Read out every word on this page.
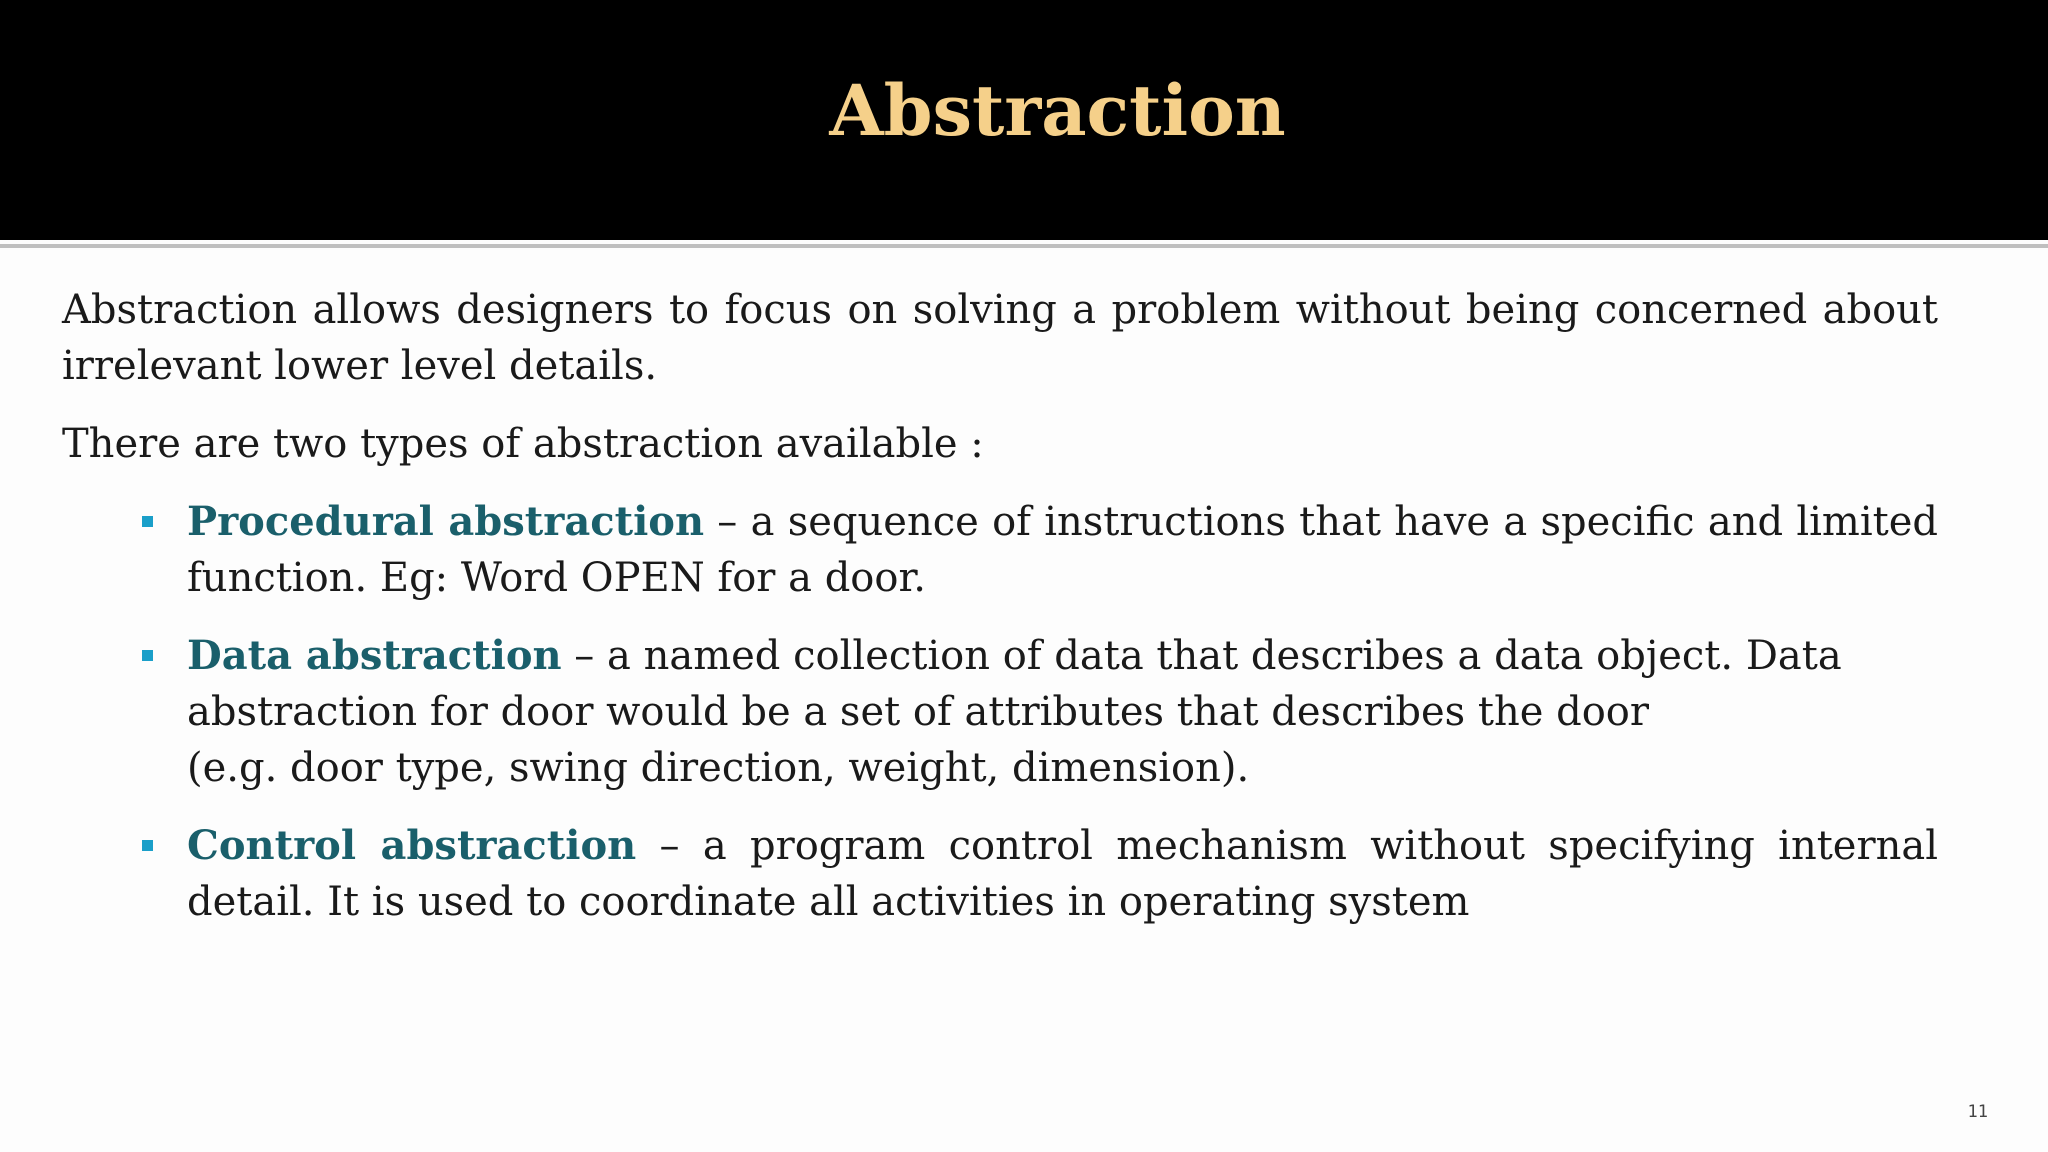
Abstraction

Abstraction allows designers to focus on solving a problem without being concerned about irrelevant lower level details.

There are two types of abstraction available :

Procedural abstraction – a sequence of instructions that have a specific and limited function. Eg: Word OPEN for a door.
Data abstraction – a named collection of data that describes a data object. Data abstraction for door would be a set of attributes that describes the door
(e.g. door type, swing direction, weight, dimension).
Control abstraction – a program control mechanism without specifying internal detail. It is used to coordinate all activities in operating system
11
